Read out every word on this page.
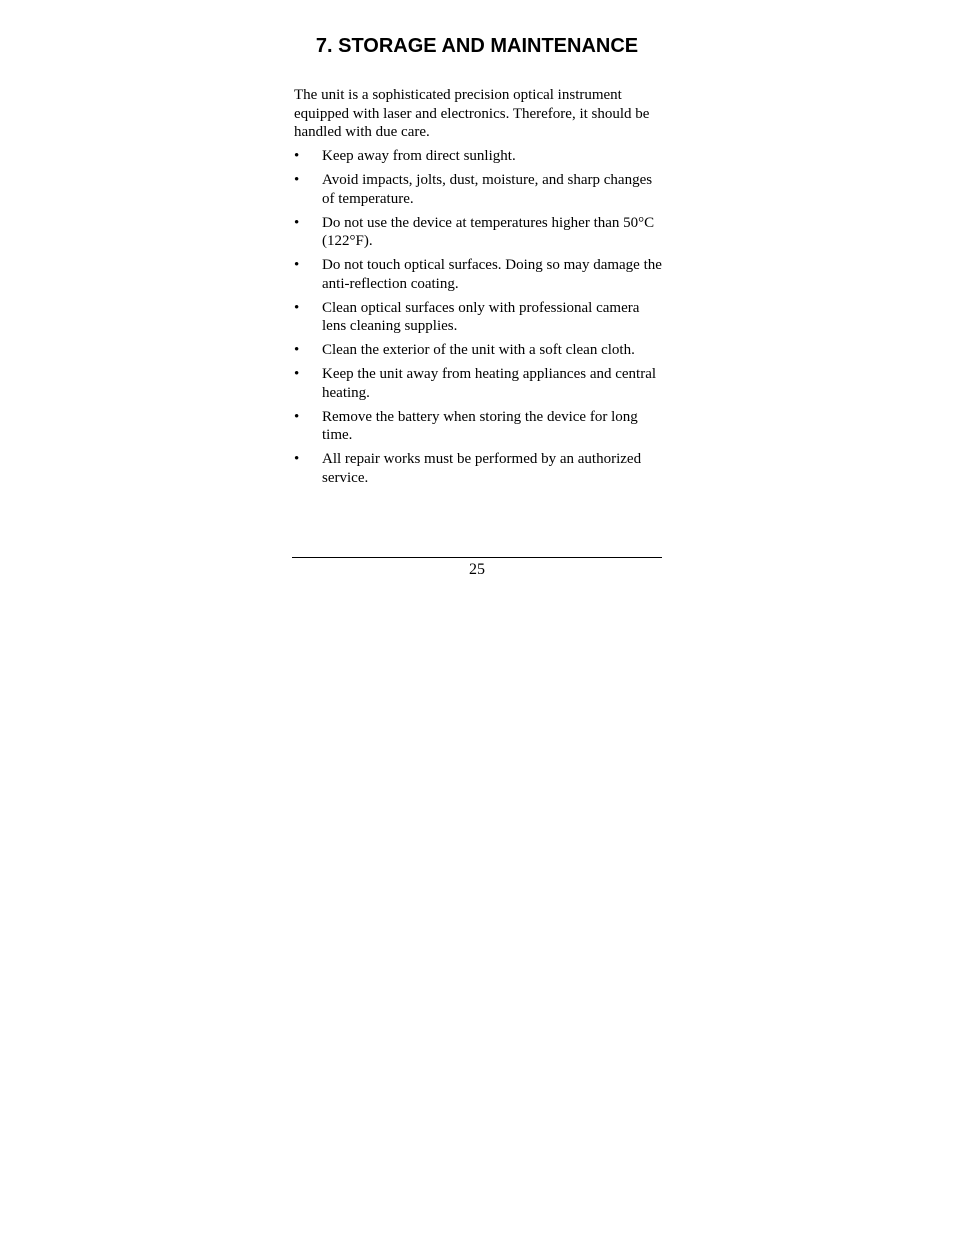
7. STORAGE AND MAINTENANCE

The unit is a sophisticated precision optical instrument equipped with laser and electronics. Therefore, it should be handled with due care.

•	Keep away from direct sunlight.
•	Avoid impacts, jolts, dust, moisture, and sharp changes of temperature.
•	Do not use the device at temperatures higher than 50°C (122°F).
•	Do not touch optical surfaces. Doing so may damage the anti-reflection coating.
•	Clean optical surfaces only with professional camera lens cleaning supplies.
•	Clean the exterior of the unit with a soft clean cloth.
•	Keep the unit away from heating appliances and central heating.
•	Remove the battery when storing the device for long time.
•	All repair works must be performed by an authorized service.
25
